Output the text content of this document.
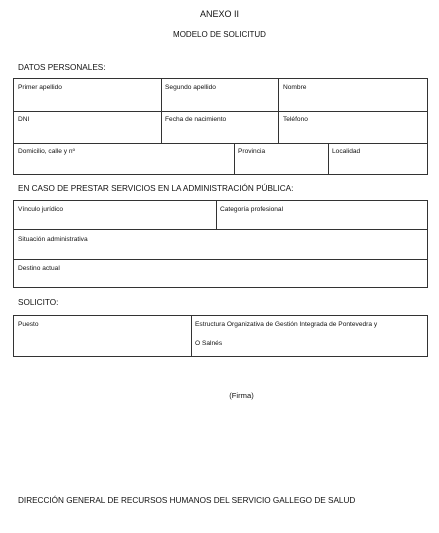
ANEXO II
MODELO DE SOLICITUD
DATOS PERSONALES:
Primer apellido	Segundo apellido	Nombre
DNI	Fecha de nacimiento	Teléfono
Domicilio, calle y nº	Provincia	Localidad
EN CASO DE PRESTAR SERVICIOS EN LA ADMINISTRACIÓN PÚBLICA:
Vínculo jurídico	Categoría profesional
Situación administrativa
Destino actual
SOLICITO:
Puesto	Estructura Organizativa de Gestión Integrada de Pontevedra y
O Salnés
(Firma)
DIRECCIÓN GENERAL DE RECURSOS HUMANOS DEL SERVICIO GALLEGO DE SALUD
